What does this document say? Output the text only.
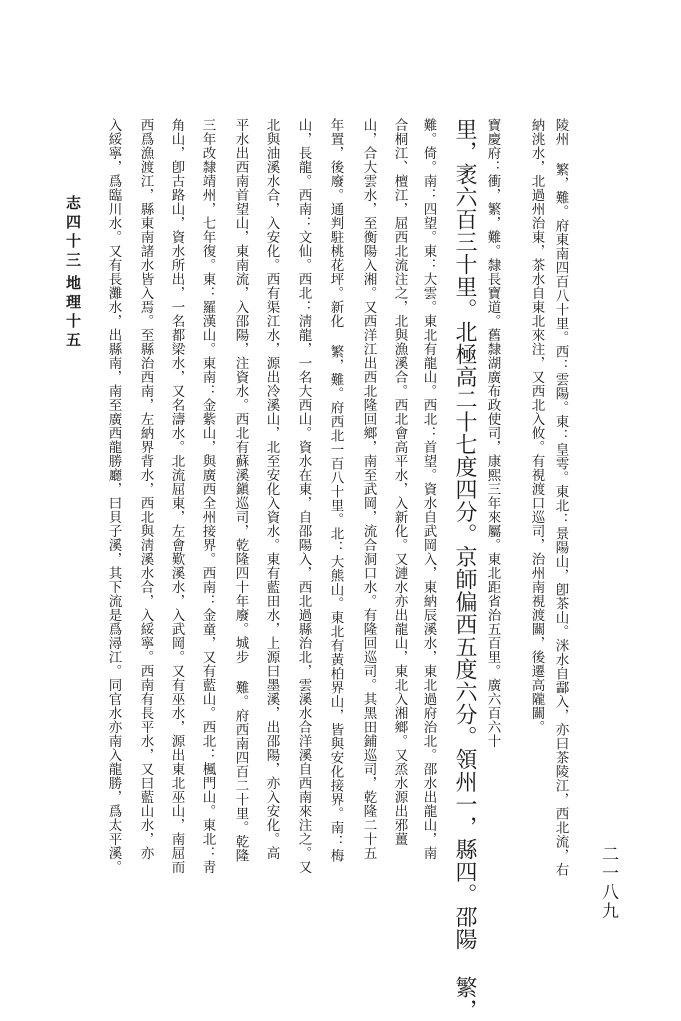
陵州 繁，難。府東南四百八十里。西：雲陽。東：皇雩。東北：景陽山，卽茶山。洣水自酃入，亦曰茶陵江，西北流，右
納洮水，北過州治東，茶水自東北來注，又西北入攸。有視渡口巡司，治州南視渡關，後遷高隴關。
寶慶府：衝，繁，難。隸長寶道。舊隸湖廣布政使司，康熙三年來屬。東北距省治五百里。廣六百六十
里，袤六百三十里。北極高二十七度四分。京師偏西五度六分。領州一，縣四。邵陽 繁，
難。倚。南：四望。東：大雲。東北有龍山。西北：首望。資水自武岡入，東納辰溪水，東北過府治北。邵水出龍山，南
合桐江、檀江，屈西北流注之，北與漁溪合。西北會高平水，入新化。又漣水亦出龍山，東北入湘鄉。又烝水源出邪薑
山，合大雲水，至衡陽入湘。又西洋江出西北隆回鄉，南至武岡，流合洞口水。有隆回巡司。其黑田鋪巡司，乾隆二十五
年置，後廢。通判駐桃花坪。新化 繁，難。府西北一百八十里。北：大熊山。東北有黃柏界山，皆與安化接界。南：梅
山，長龍。西南：文仙。西北：淸龍，一名大西山。資水在東，自邵陽入，西北過縣治北，雲溪水合洋溪自西南來注之。又
北與油溪水合，入安化。西有渠江水，源出冷溪山，北至安化入資水。東有藍田水，上源曰墨溪，出邵陽，亦入安化。高
平水出西南首望山，東南流，入邵陽，注資水。西北有蘇溪鎭巡司，乾隆四十年廢。城步 難。府西南四百二十里。乾隆
三年改隸靖州，七年復。東：羅漢山。東南：金紫山，與廣西全州接界。西南：金童，又有藍山。西北：楓門山。東北：靑
角山，卽古路山，資水所出，一名都梁水，又名濤水。北流屈東，左會歎溪水，入武岡。又有巫水，源出東北巫山，南屈而
西爲漁渡江，縣東南諸水皆入焉。至縣治西南，左納界背水，西北與淸溪水合，入綏寧。西南有長平水，又曰藍山水，亦
入綏寧，爲臨川水。又有長灘水，出縣南，南至廣西龍勝廳，曰貝子溪，其下流是爲潯江。同官水亦南入龍勝，爲太平溪。
志四十三
地理十五
二一八九
